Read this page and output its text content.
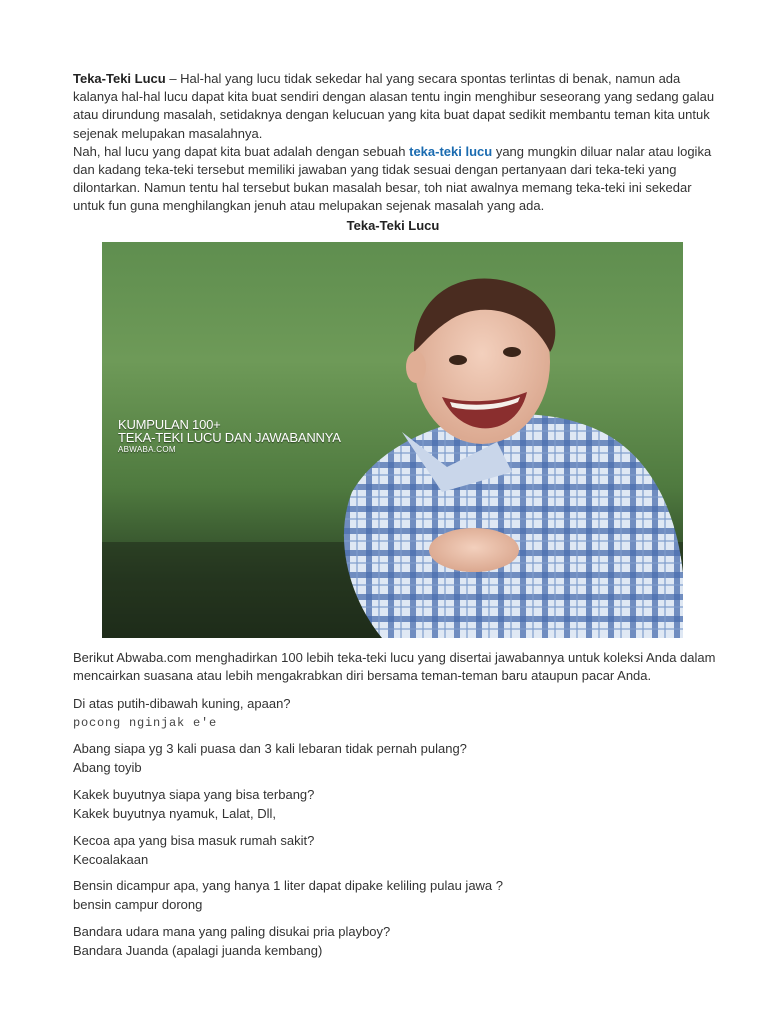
Teka-Teki Lucu – Hal-hal yang lucu tidak sekedar hal yang secara spontas terlintas di benak, namun ada kalanya hal-hal lucu dapat kita buat sendiri dengan alasan tentu ingin menghibur seseorang yang sedang galau atau dirundung masalah, setidaknya dengan kelucuan yang kita buat dapat sedikit membantu teman kita untuk sejenak melupakan masalahnya.

Nah, hal lucu yang dapat kita buat adalah dengan sebuah teka-teki lucu yang mungkin diluar nalar atau logika dan kadang teka-teki tersebut memiliki jawaban yang tidak sesuai dengan pertanyaan dari teka-teki yang dilontarkan. Namun tentu hal tersebut bukan masalah besar, toh niat awalnya memang teka-teki ini sekedar untuk fun guna menghilangkan jenuh atau melupakan sejenak masalah yang ada.

Teka-Teki Lucu
KUMPULAN 100+
TEKA-TEKI LUCU DAN JAWABANNYA
ABWABA.COM

Berikut Abwaba.com menghadirkan 100 lebih teka-teki lucu yang disertai jawabannya untuk koleksi Anda dalam mencairkan suasana atau lebih mengakrabkan diri bersama teman-teman baru ataupun pacar Anda.

Di atas putih-dibawah kuning, apaan?
pocong nginjak e'e
Abang siapa yg 3 kali puasa dan 3 kali lebaran tidak pernah pulang?
Abang toyib
Kakek buyutnya siapa yang bisa terbang?
Kakek buyutnya nyamuk, Lalat, Dll,
Kecoa apa yang bisa masuk rumah sakit?
Kecoalakaan
Bensin dicampur apa, yang hanya 1 liter dapat dipake keliling pulau jawa ?
bensin campur dorong
Bandara udara mana yang paling disukai pria playboy?
Bandara Juanda (apalagi juanda kembang)
